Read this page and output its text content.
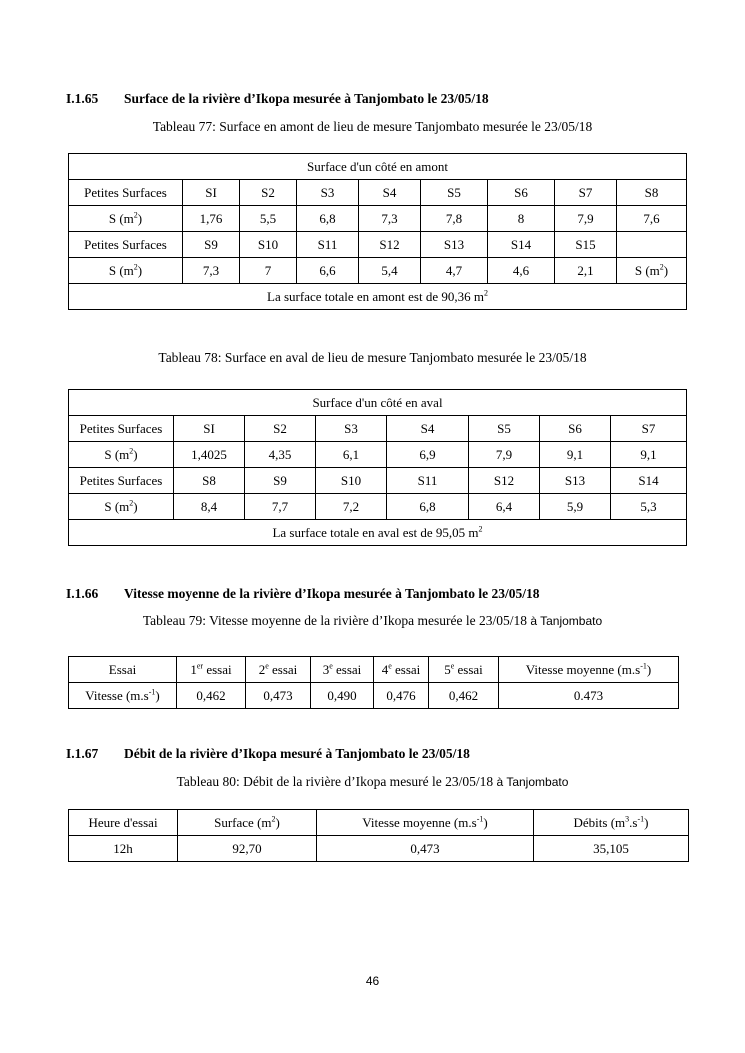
I.1.65 Surface de la rivière d’Ikopa mesurée à Tanjombato le 23/05/18
Tableau 77: Surface en amont de lieu de mesure Tanjombato mesurée le 23/05/18
Surface d'un côté en amont								
Petites Surfaces	SI	S2	S3	S4	S5	S6	S7	S8
S $(m^2)$	1,76	5,5	6,8	7,3	7,8	8	7,9	7,6
Petites Surfaces	S9	S10	S11	S12	S13	S14	S15	
S $(m^2)$	7,3	7	6,6	5,4	4,7	4,6	2,1	S $(m^2)$
La surface totale en amont est de 90,36 $m^2$
Tableau 78: Surface en aval de lieu de mesure Tanjombato mesurée le 23/05/18
Surface d'un côté en aval							
Petites Surfaces	SI	S2	S3	S4	S5	S6	S7
S $(m^2)$	1,4025	4,35	6,1	6,9	7,9	9,1	9,1
Petites Surfaces	S8	S9	S10	S11	S12	S13	S14
S $(m^2)$	8,4	7,7	7,2	6,8	6,4	5,9	5,3
La surface totale en aval est de 95,05 $m^2$
I.1.66 Vitesse moyenne de la rivière d’Ikopa mesurée à Tanjombato le 23/05/18
Tableau 79: Vitesse moyenne de la rivière d’Ikopa mesurée le 23/05/18 à Tanjombato
Essai	1er essai	2e essai	3e essai	4e essai	5e essai	Vitesse moyenne $(m.s^{-1})$
Vitesse $(m.s^{-1})$	0,462	0,473	0,490	0,476	0,462	0.473
I.1.67 Débit de la rivière d’Ikopa mesuré à Tanjombato le 23/05/18
Tableau 80: Débit de la rivière d’Ikopa mesuré le 23/05/18 à Tanjombato
Heure d'essai	Surface $(m^2)$	Vitesse moyenne $(m.s^{-1})$	Débits $(m^3.s^{-1})$
12h	92,70	0,473	35,105
46
